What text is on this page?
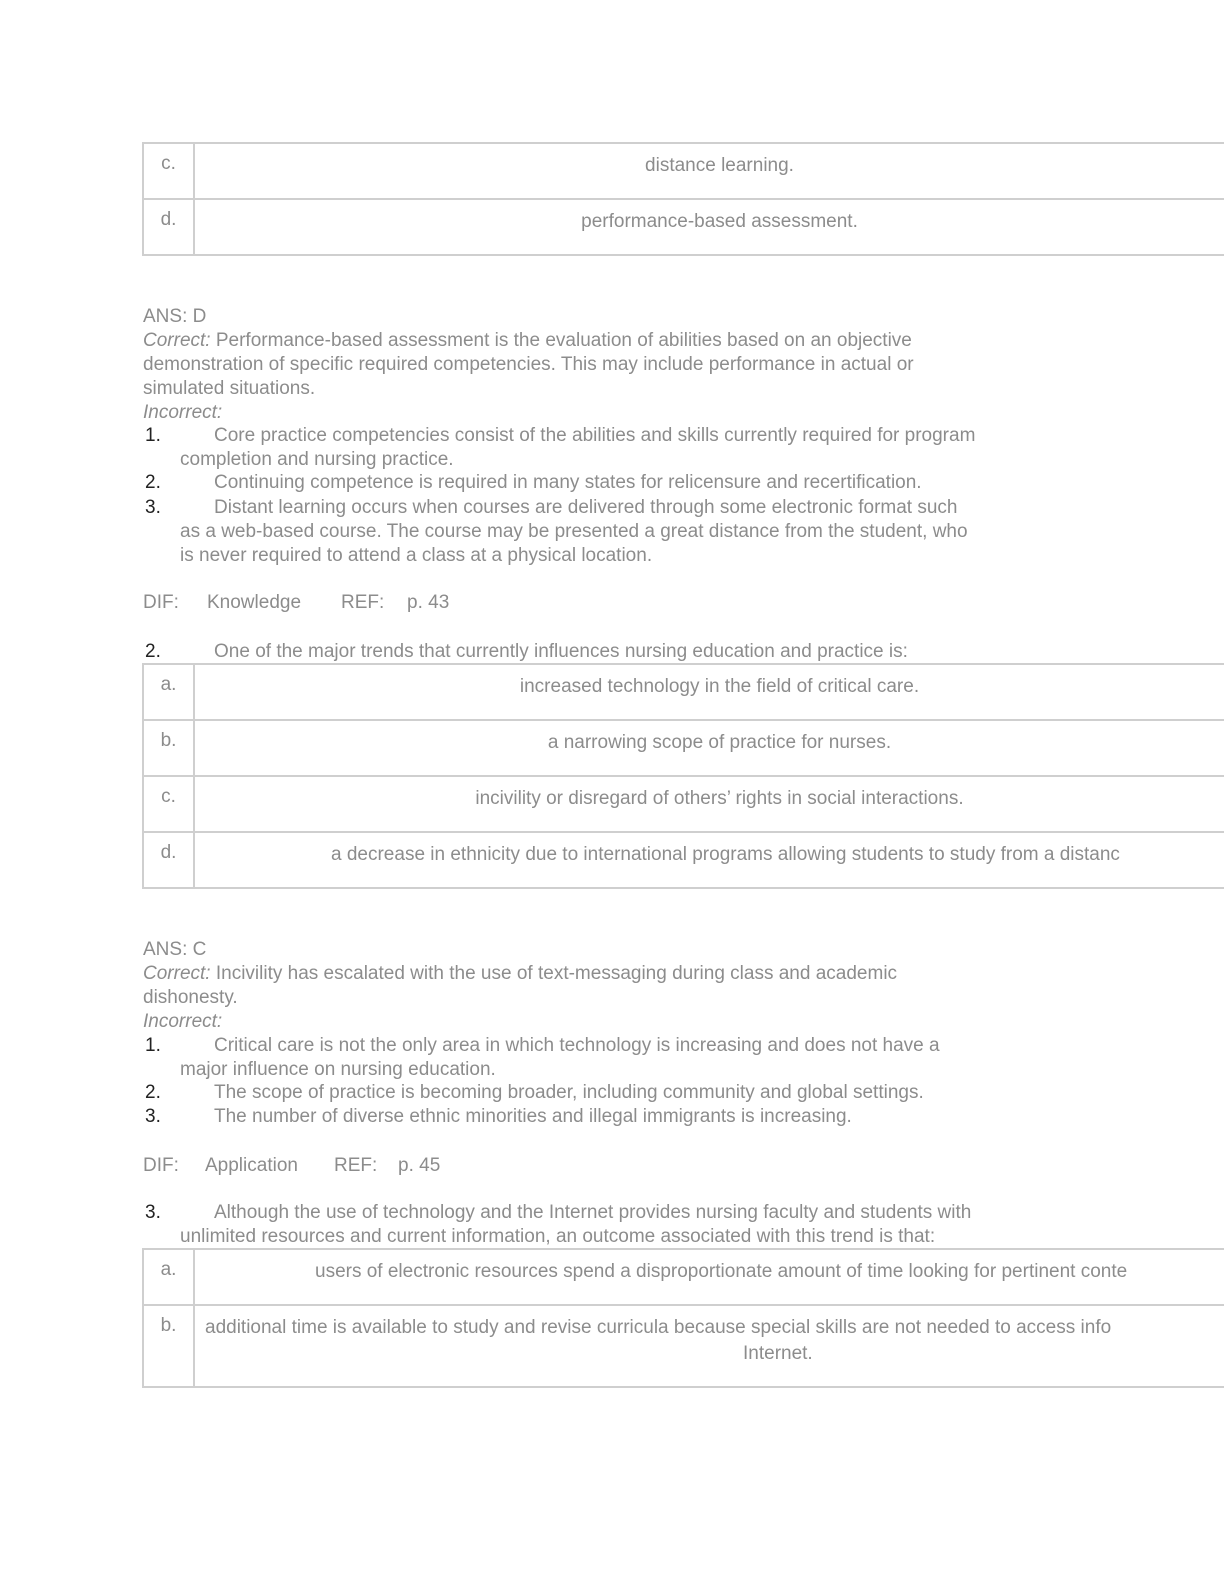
c.	distance learning.
d.	performance-based assessment.
ANS: D
Correct: Performance-based assessment is the evaluation of abilities based on an objective
demonstration of specific required competencies. This may include performance in actual or
simulated situations.
Incorrect:
1.	Core practice competencies consist of the abilities and skills currently required for program
completion and nursing practice.
2.	Continuing competence is required in many states for relicensure and recertification.
3.	Distant learning occurs when courses are delivered through some electronic format such
as a web-based course. The course may be presented a great distance from the student, who
is never required to attend a class at a physical location.
DIF: Knowledge REF: p. 43
2.	One of the major trends that currently influences nursing education and practice is:
a.	increased technology in the field of critical care.
b.	a narrowing scope of practice for nurses.
c.	incivility or disregard of others’ rights in social interactions.
d.	a decrease in ethnicity due to international programs allowing students to study from a distanc
ANS: C
Correct: Incivility has escalated with the use of text-messaging during class and academic
dishonesty.
Incorrect:
1.	Critical care is not the only area in which technology is increasing and does not have a
major influence on nursing education.
2.	The scope of practice is becoming broader, including community and global settings.
3.	The number of diverse ethnic minorities and illegal immigrants is increasing.
DIF: Application REF: p. 45
3.	Although the use of technology and the Internet provides nursing faculty and students with
unlimited resources and current information, an outcome associated with this trend is that:
a.	users of electronic resources spend a disproportionate amount of time looking for pertinent conte
b.	additional time is available to study and revise curricula because special skills are not needed to access info
Internet.
